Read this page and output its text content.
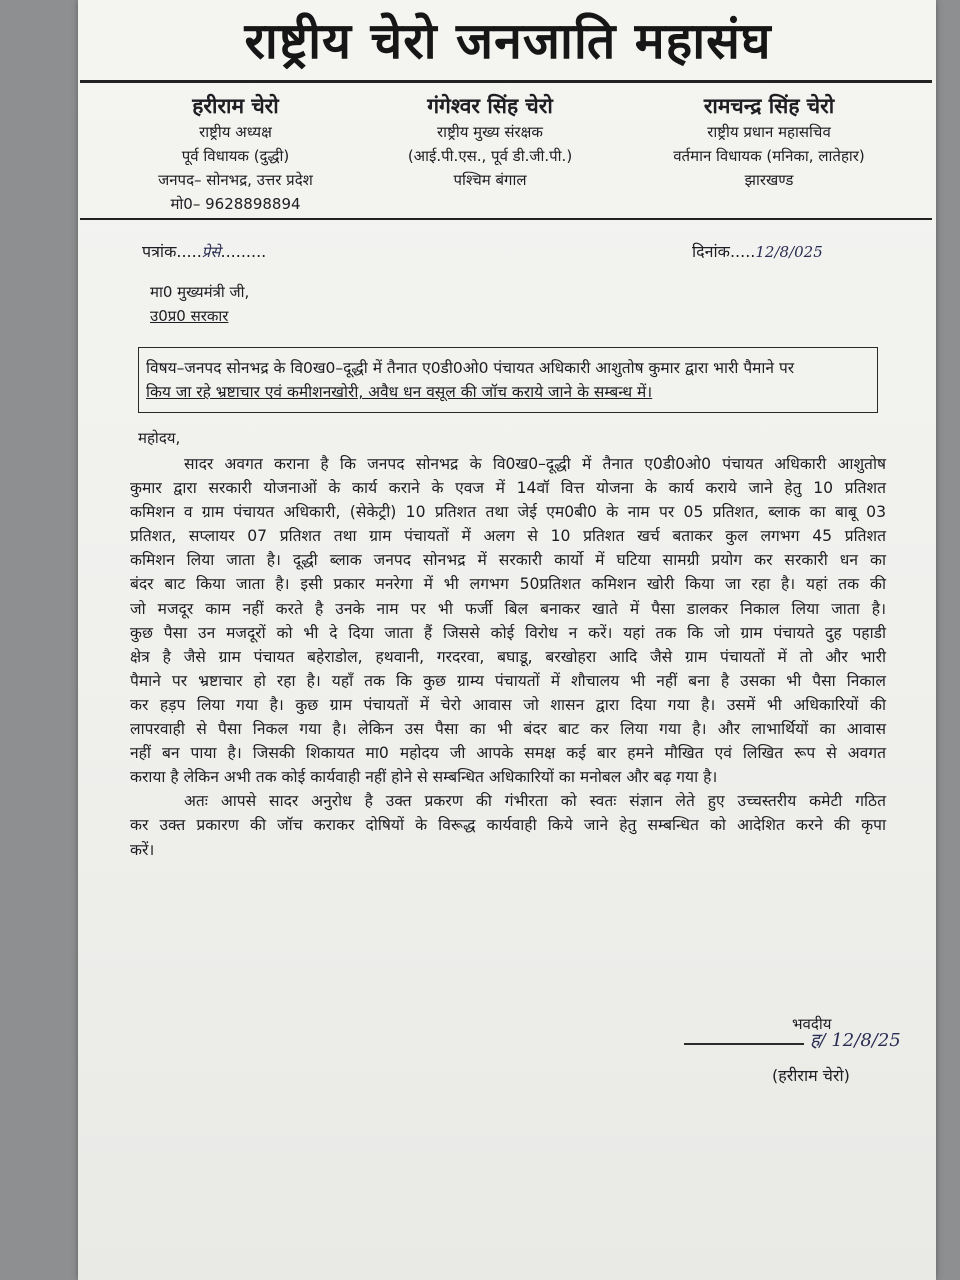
राष्ट्रीय चेरो जनजाति महासंघ
हरीराम चेरो
राष्ट्रीय अध्यक्ष
पूर्व विधायक (दुद्धी)
जनपद– सोनभद्र, उत्तर प्रदेश
मो0– 9628898894
गंगेश्वर सिंह चेरो
राष्ट्रीय मुख्य संरक्षक
(आई.पी.एस., पूर्व डी.जी.पी.)
पश्चिम बंगाल
रामचन्द्र सिंह चेरो
राष्ट्रीय प्रधान महासचिव
वर्तमान विधायक (मनिका, लातेहार)
झारखण्ड
पत्रांक.....प्रेसे.........	दिनांक.....12/8/025
मा0 मुख्यमंत्री जी,
उ0प्र0 सरकार
विषय–जनपद सोनभद्र के वि0ख0–दूद्धी में तैनात ए0डी0ओ0 पंचायत अधिकारी आशुतोष कुमार द्वारा भारी पैमाने पर
किय जा रहे भ्रष्टाचार एवं कमीशनखोरी, अवैध धन वसूल की जॉच कराये जाने के सम्बन्ध में।
महोदय,
सादर अवगत कराना है कि जनपद सोनभद्र के वि0ख0–दूद्धी में तैनात ए0डी0ओ0 पंचायत अधिकारी आशुतोष
कुमार द्वारा सरकारी योजनाओं के कार्य कराने के एवज में 14वॉ वित्त योजना के कार्य कराये जाने हेतु 10 प्रतिशत
कमिशन व ग्राम पंचायत अधिकारी, (सेकेट्री) 10 प्रतिशत तथा जेई एम0बी0 के नाम पर 05 प्रतिशत, ब्लाक का बाबू 03
प्रतिशत, सप्लायर 07 प्रतिशत तथा ग्राम पंचायतों में अलग से 10 प्रतिशत खर्च बताकर कुल लगभग 45 प्रतिशत
कमिशन लिया जाता है। दूद्धी ब्लाक जनपद सोनभद्र में सरकारी कार्यो में घटिया सामग्री प्रयोग कर सरकारी धन का
बंदर बाट किया जाता है। इसी प्रकार मनरेगा में भी लगभग 50प्रतिशत कमिशन खोरी किया जा रहा है। यहां तक की
जो मजदूर काम नहीं करते है उनके नाम पर भी फर्जी बिल बनाकर खाते में पैसा डालकर निकाल लिया जाता है।
कुछ पैसा उन मजदूरों को भी दे दिया जाता हैं जिससे कोई विरोध न करें। यहां तक कि जो ग्राम पंचायते दुह पहाडी
क्षेत्र है जैसे ग्राम पंचायत बहेराडोल, हथवानी, गरदरवा, बघाडू, बरखोहरा आदि जैसे ग्राम पंचायतों में तो और भारी
पैमाने पर भ्रष्टाचार हो रहा है। यहाँ तक कि कुछ ग्राम्य पंचायतों में शौचालय भी नहीं बना है उसका भी पैसा निकाल
कर हड़प लिया गया है। कुछ ग्राम पंचायतों में चेरो आवास जो शासन द्वारा दिया गया है। उसमें भी अधिकारियों की
लापरवाही से पैसा निकल गया है। लेकिन उस पैसा का भी बंदर बाट कर लिया गया है। और लाभार्थियों का आवास
नहीं बन पाया है। जिसकी शिकायत मा0 महोदय जी आपके समक्ष कई बार हमने मौखित एवं लिखित रूप से अवगत
कराया है लेकिन अभी तक कोई कार्यवाही नहीं होने से सम्बन्धित अधिकारियों का मनोबल और बढ़ गया है।
अतः आपसे सादर अनुरोध है उक्त प्रकरण की गंभीरता को स्वतः संज्ञान लेते हुए उच्चस्तरीय कमेटी गठित
कर उक्त प्रकारण की जॉच कराकर दोषियों के विरूद्ध कार्यवाही किये जाने हेतु सम्बन्धित को आदेशित करने की कृपा
करें।
भवदीय
ह/ 12/8/25
(हरीराम चेरो)
